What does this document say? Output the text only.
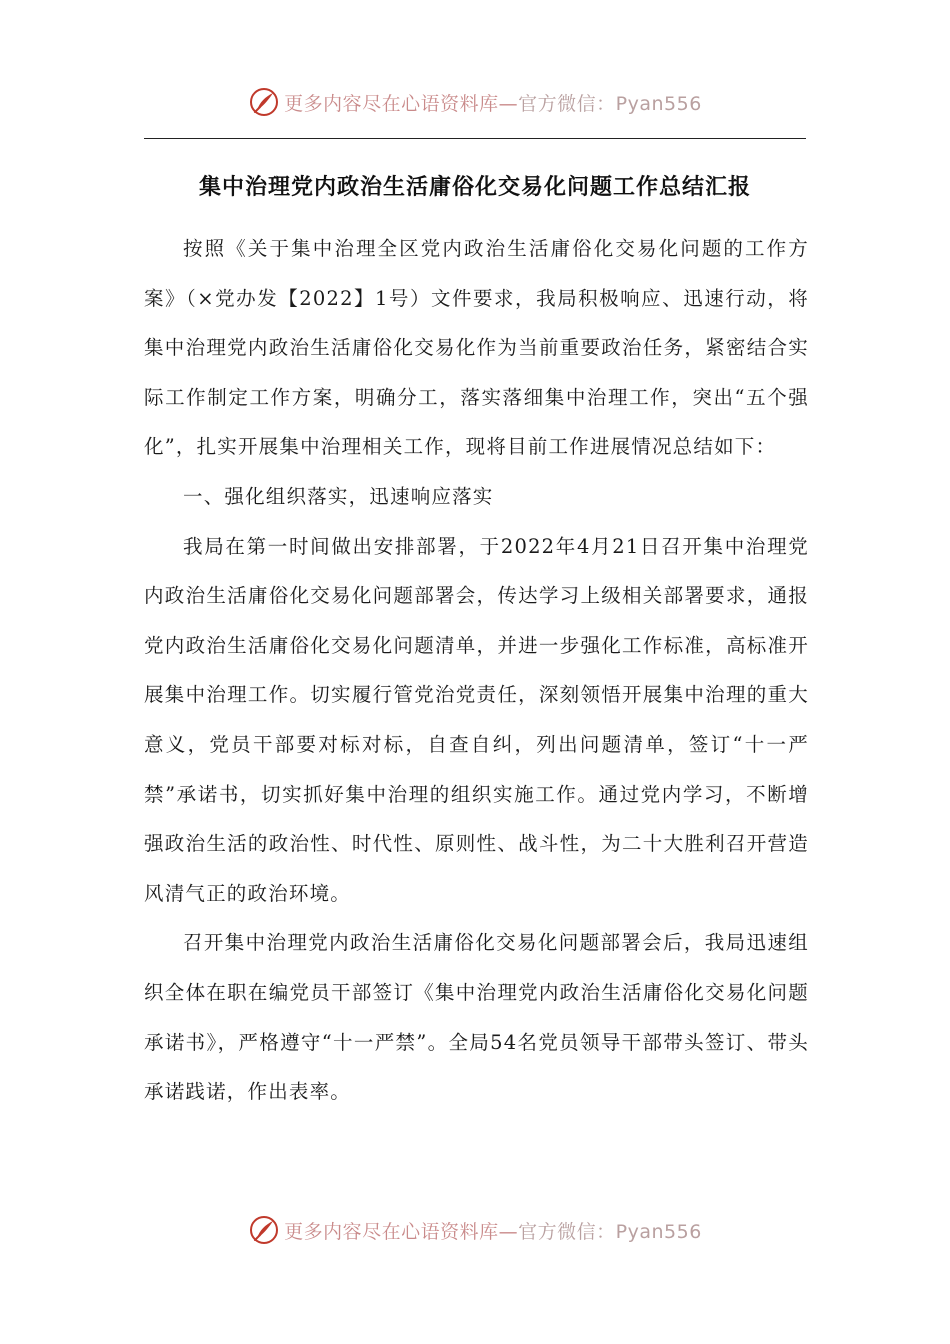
更多内容尽在心语资料库—官方微信：Pyan556
集中治理党内政治生活庸俗化交易化问题工作总结汇报

按照《关于集中治理全区党内政治生活庸俗化交易化问题的工作方案》（×党办发【2022】1号）文件要求，我局积极响应、迅速行动，将集中治理党内政治生活庸俗化交易化作为当前重要政治任务，紧密结合实际工作制定工作方案，明确分工，落实落细集中治理工作，突出“五个强化”，扎实开展集中治理相关工作，现将目前工作进展情况总结如下：

一、强化组织落实，迅速响应落实

我局在第一时间做出安排部署，于2022年4月21日召开集中治理党内政治生活庸俗化交易化问题部署会，传达学习上级相关部署要求，通报党内政治生活庸俗化交易化问题清单，并进一步强化工作标准，高标准开展集中治理工作。切实履行管党治党责任，深刻领悟开展集中治理的重大意义，党员干部要对标对标，自查自纠，列出问题清单，签订“十一严禁”承诺书，切实抓好集中治理的组织实施工作。通过党内学习，不断增强政治生活的政治性、时代性、原则性、战斗性，为二十大胜利召开营造风清气正的政治环境。

召开集中治理党内政治生活庸俗化交易化问题部署会后，我局迅速组织全体在职在编党员干部签订《集中治理党内政治生活庸俗化交易化问题承诺书》，严格遵守“十一严禁”。全局54名党员领导干部带头签订、带头承诺践诺，作出表率。

更多内容尽在心语资料库—官方微信：Pyan556
